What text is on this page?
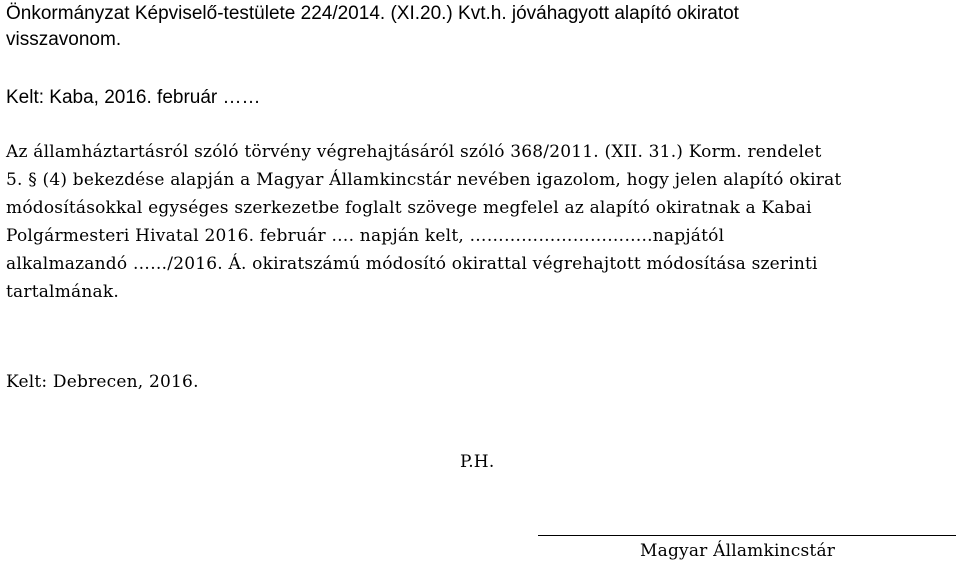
Önkormányzat Képviselő-testülete 224/2014. (XI.20.) Kvt.h. jóváhagyott alapító okiratot
visszavonom.
Kelt: Kaba, 2016. február ……
Az államháztartásról szóló törvény végrehajtásáról szóló 368/2011. (XII. 31.) Korm. rendelet
5. § (4) bekezdése alapján a Magyar Államkincstár nevében igazolom, hogy jelen alapító okirat
módosításokkal egységes szerkezetbe foglalt szövege megfelel az alapító okiratnak a Kabai
Polgármesteri Hivatal 2016. február …. napján kelt, …………………………..napjától
alkalmazandó ……/2016. Á. okiratszámú módosító okirattal végrehajtott módosítása szerinti
tartalmának.
Kelt: Debrecen, 2016.
P.H.
Magyar Államkincstár
